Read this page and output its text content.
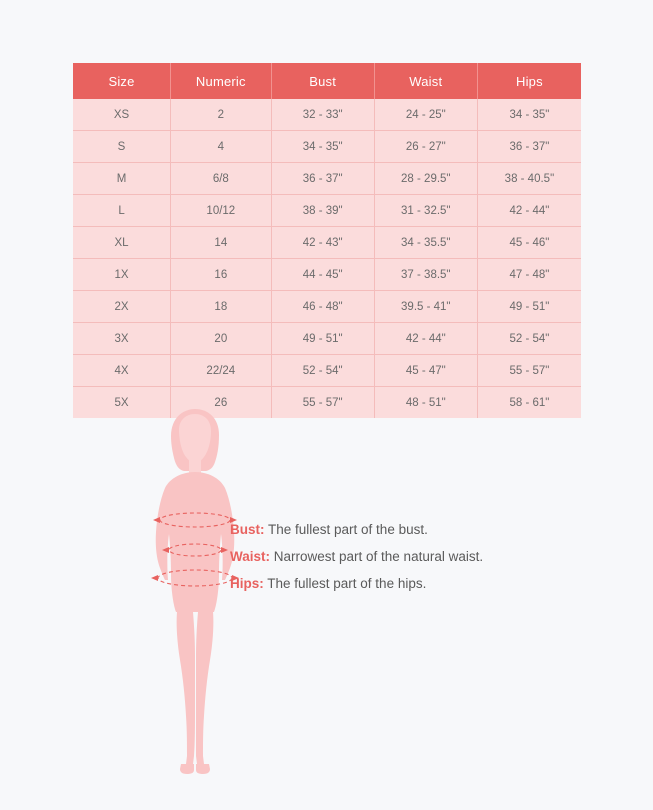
Size	Numeric	Bust	Waist	Hips
XS	2	32 - 33"	24 - 25"	34 - 35"
S	4	34 - 35"	26 - 27"	36 - 37"
M	6/8	36 - 37"	28 - 29.5"	38 - 40.5"
L	10/12	38 - 39"	31 - 32.5"	42 - 44"
XL	14	42 - 43"	34 - 35.5"	45 - 46"
1X	16	44 - 45"	37 - 38.5"	47 - 48"
2X	18	46 - 48"	39.5 - 41"	49 - 51"
3X	20	49 - 51"	42 - 44"	52 - 54"
4X	22/24	52 - 54"	45 - 47"	55 - 57"
5X	26	55 - 57"	48 - 51"	58 - 61"
Bust: The fullest part of the bust.
Waist: Narrowest part of the natural waist.
Hips: The fullest part of the hips.
